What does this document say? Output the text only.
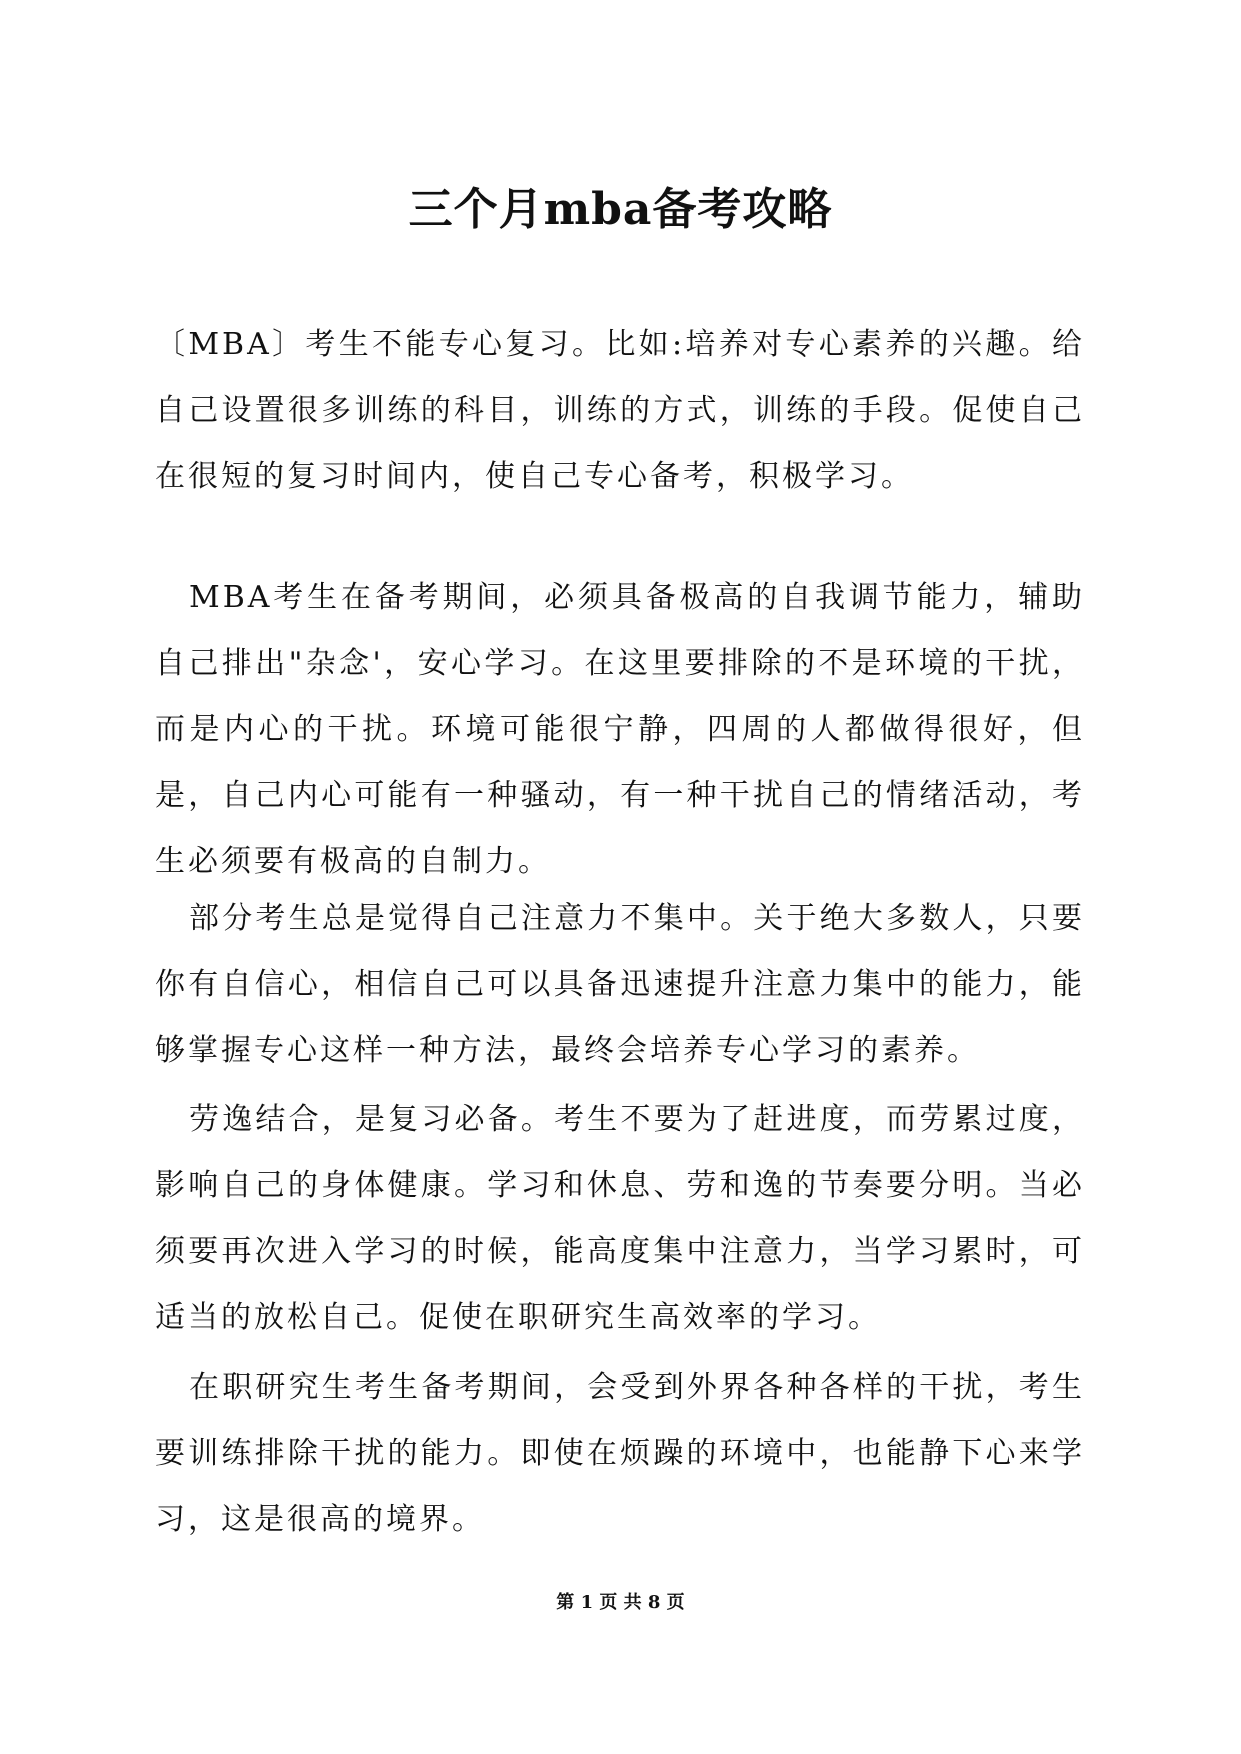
三个月mba备考攻略

〔MBA〕考生不能专心复习。比如:培养对专心素养的兴趣。给自己设置很多训练的科目，训练的方式，训练的手段。促使自己在很短的复习时间内，使自己专心备考，积极学习。

MBA考生在备考期间，必须具备极高的自我调节能力，辅助自己排出"杂念'，安心学习。在这里要排除的不是环境的干扰，而是内心的干扰。环境可能很宁静，四周的人都做得很好，但是，自己内心可能有一种骚动，有一种干扰自己的情绪活动，考生必须要有极高的自制力。

部分考生总是觉得自己注意力不集中。关于绝大多数人，只要你有自信心，相信自己可以具备迅速提升注意力集中的能力，能够掌握专心这样一种方法，最终会培养专心学习的素养。

劳逸结合，是复习必备。考生不要为了赶进度，而劳累过度，影响自己的身体健康。学习和休息、劳和逸的节奏要分明。当必须要再次进入学习的时候，能高度集中注意力，当学习累时，可适当的放松自己。促使在职研究生高效率的学习。

在职研究生考生备考期间，会受到外界各种各样的干扰，考生要训练排除干扰的能力。即使在烦躁的环境中，也能静下心来学习，这是很高的境界。

第 1 页 共 8 页
